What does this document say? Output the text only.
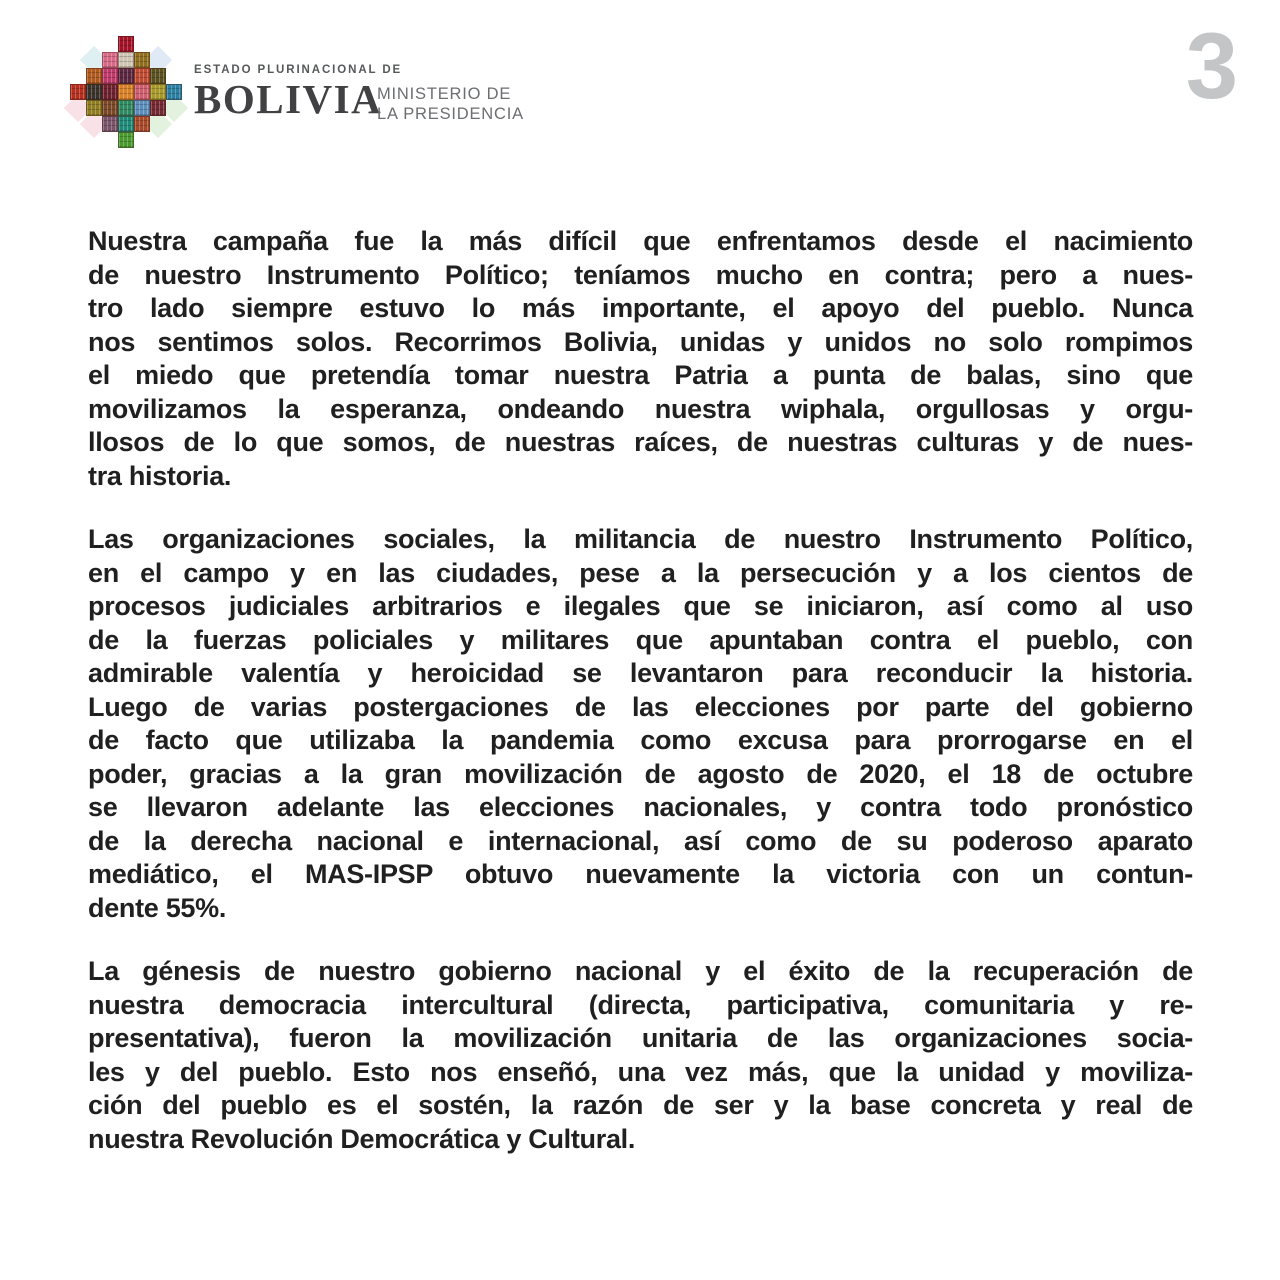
ESTADO PLURINACIONAL DE
BOLIVIA
MINISTERIO DE
LA PRESIDENCIA	3
Nuestra campaña fue la más difícil que enfrentamos desde el nacimiento
de nuestro Instrumento Político; teníamos mucho en contra; pero a nues-
tro lado siempre estuvo lo más importante, el apoyo del pueblo. Nunca
nos sentimos solos. Recorrimos Bolivia, unidas y unidos no solo rompimos
el miedo que pretendía tomar nuestra Patria a punta de balas, sino que
movilizamos la esperanza, ondeando nuestra wiphala, orgullosas y orgu-
llosos de lo que somos, de nuestras raíces, de nuestras culturas y de nues-
tra historia.
Las organizaciones sociales, la militancia de nuestro Instrumento Político,
en el campo y en las ciudades, pese a la persecución y a los cientos de
procesos judiciales arbitrarios e ilegales que se iniciaron, así como al uso
de la fuerzas policiales y militares que apuntaban contra el pueblo, con
admirable valentía y heroicidad se levantaron para reconducir la historia.
Luego de varias postergaciones de las elecciones por parte del gobierno
de facto que utilizaba la pandemia como excusa para prorrogarse en el
poder, gracias a la gran movilización de agosto de 2020, el 18 de octubre
se llevaron adelante las elecciones nacionales, y contra todo pronóstico
de la derecha nacional e internacional, así como de su poderoso aparato
mediático, el MAS-IPSP obtuvo nuevamente la victoria con un contun-
dente 55%.
La génesis de nuestro gobierno nacional y el éxito de la recuperación de
nuestra democracia intercultural (directa, participativa, comunitaria y re-
presentativa), fueron la movilización unitaria de las organizaciones socia-
les y del pueblo. Esto nos enseñó, una vez más, que la unidad y moviliza-
ción del pueblo es el sostén, la razón de ser y la base concreta y real de
nuestra Revolución Democrática y Cultural.
